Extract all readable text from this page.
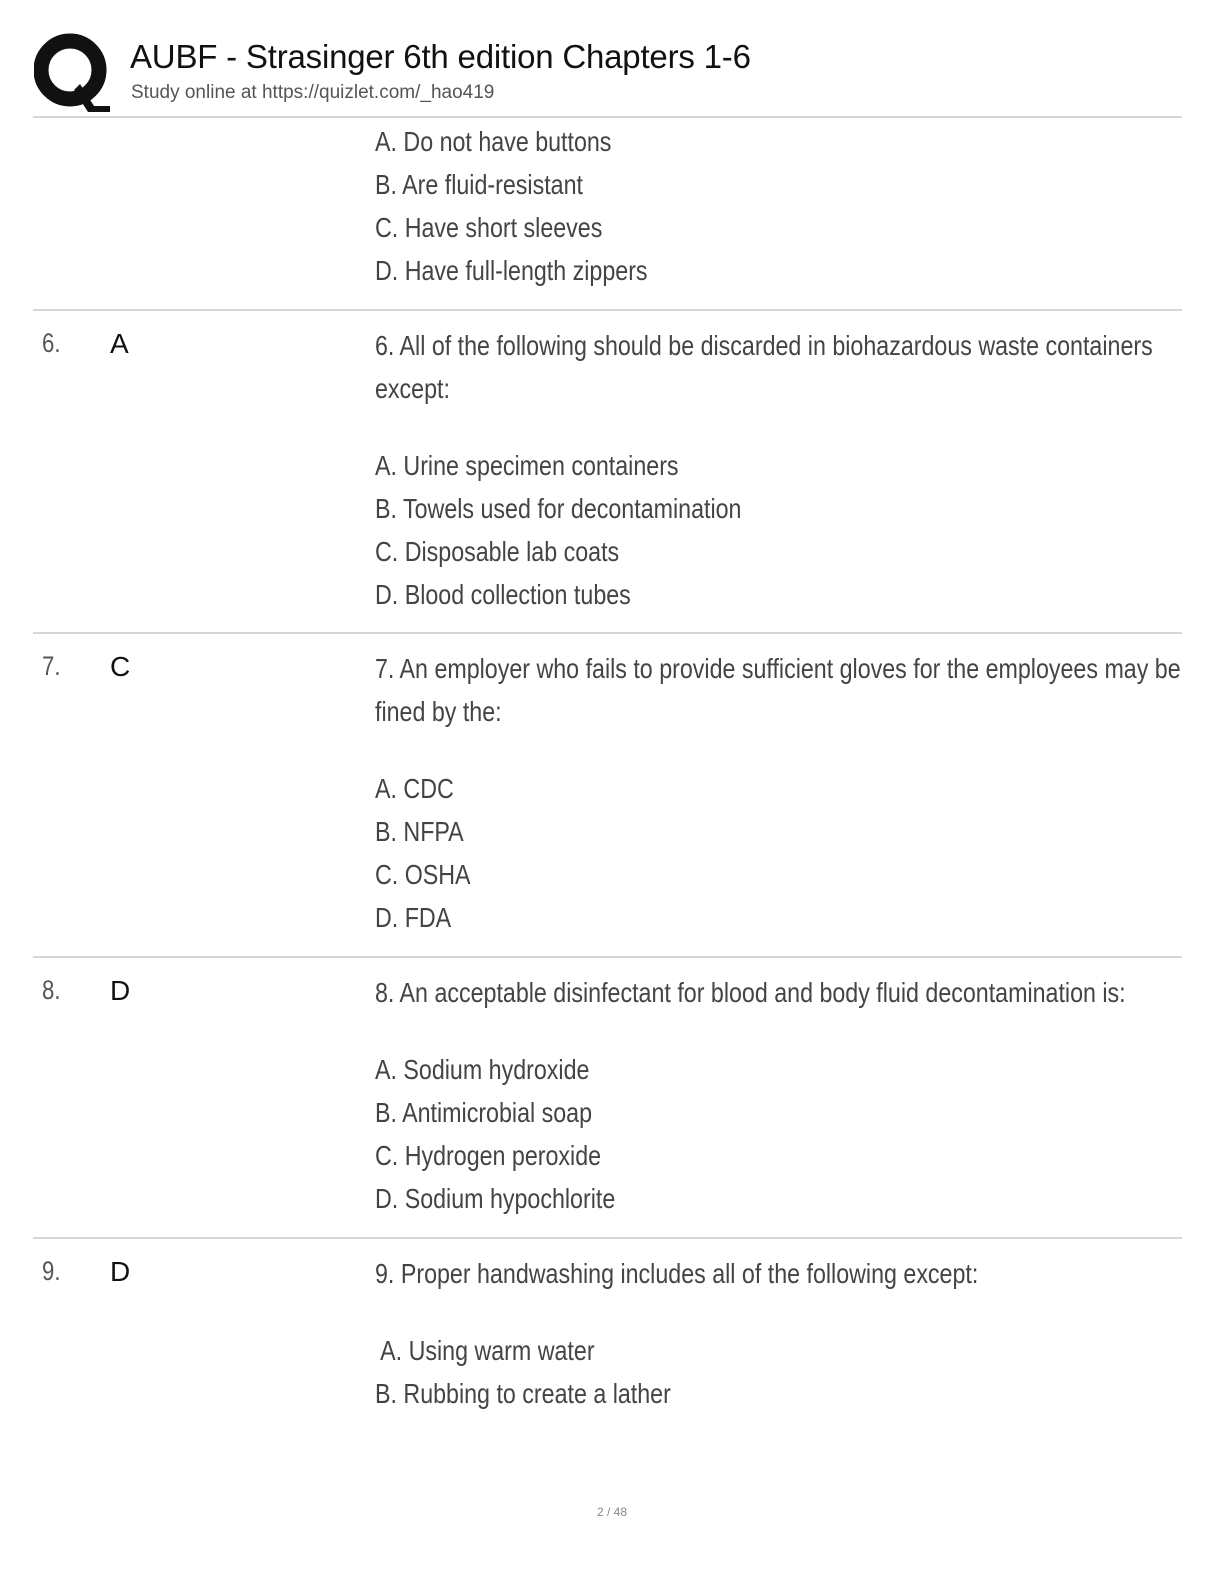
AUBF - Strasinger 6th edition Chapters 1-6
Study online at https://quizlet.com/_hao419
A. Do not have buttons
B. Are fluid-resistant
C. Have short sleeves
D. Have full-length zippers
6. A	6. All of the following should be discarded in biohazardous waste containers
except:
A. Urine specimen containers
B. Towels used for decontamination
C. Disposable lab coats
D. Blood collection tubes
7. C	7. An employer who fails to provide sufficient gloves for the employees may be
fined by the:
A. CDC
B. NFPA
C. OSHA
D. FDA
8. D	8. An acceptable disinfectant for blood and body fluid decontamination is:
A. Sodium hydroxide
B. Antimicrobial soap
C. Hydrogen peroxide
D. Sodium hypochlorite
9. D	9. Proper handwashing includes all of the following except:
A. Using warm water
B. Rubbing to create a lather
2 / 48
